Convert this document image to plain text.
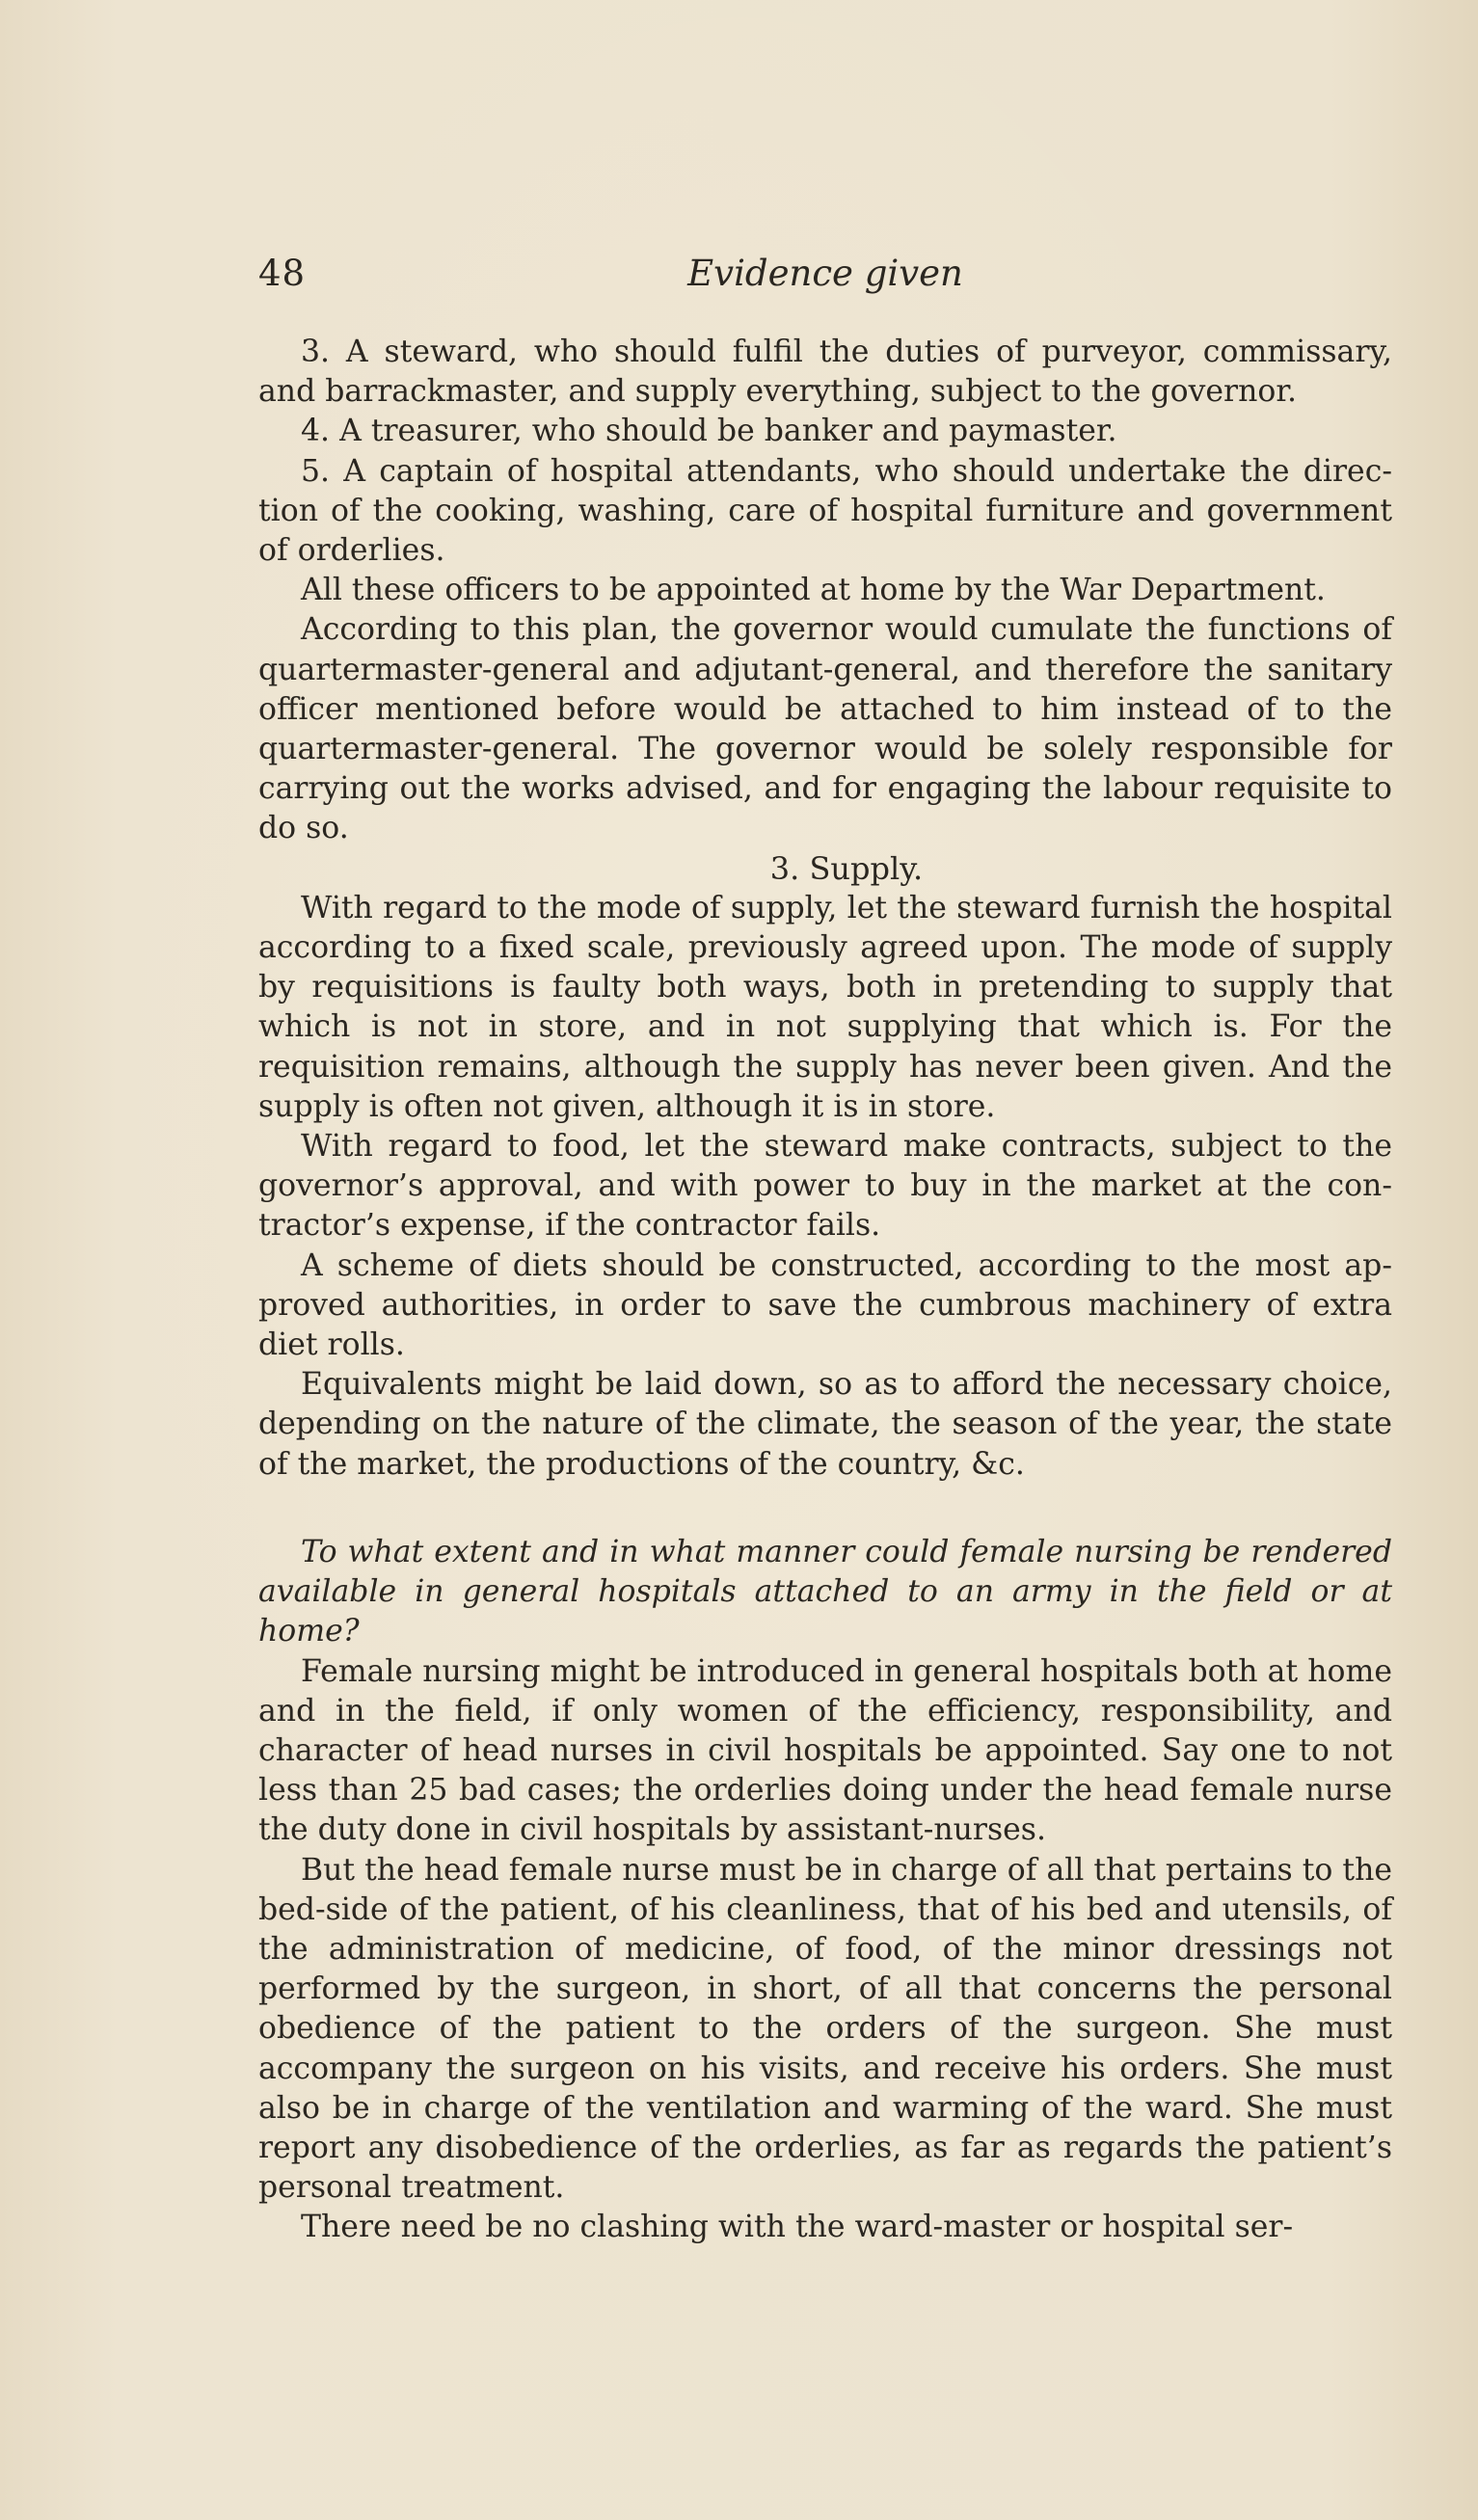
48	Evidence given

3. A steward, who should fulfil the duties of purveyor, commissary, and barrackmaster, and supply everything, subject to the governor.

4. A treasurer, who should be banker and paymaster.

5. A captain of hospital attendants, who should undertake the direction of the cooking, washing, care of hospital furniture and government of orderlies.

All these officers to be appointed at home by the War Department.

According to this plan, the governor would cumulate the functions of quartermaster-general and adjutant-general, and therefore the sanitary officer mentioned before would be attached to him instead of to the quartermaster-general. The governor would be solely responsible for carrying out the works advised, and for engaging the labour requisite to do so.

3. Supply.

With regard to the mode of supply, let the steward furnish the hospital according to a fixed scale, previously agreed upon. The mode of supply by requisitions is faulty both ways, both in pretending to supply that which is not in store, and in not supplying that which is. For the requisition remains, although the supply has never been given. And the supply is often not given, although it is in store.

With regard to food, let the steward make contracts, subject to the governor’s approval, and with power to buy in the market at the contractor’s expense, if the contractor fails.

A scheme of diets should be constructed, according to the most approved authorities, in order to save the cumbrous machinery of extra diet rolls.

Equivalents might be laid down, so as to afford the necessary choice, depending on the nature of the climate, the season of the year, the state of the market, the productions of the country, &c.

To what extent and in what manner could female nursing be rendered available in general hospitals attached to an army in the field or at home?

Female nursing might be introduced in general hospitals both at home and in the field, if only women of the efficiency, responsibility, and character of head nurses in civil hospitals be appointed. Say one to not less than 25 bad cases; the orderlies doing under the head female nurse the duty done in civil hospitals by assistant-nurses.

But the head female nurse must be in charge of all that pertains to the bed-side of the patient, of his cleanliness, that of his bed and utensils, of the administration of medicine, of food, of the minor dressings not performed by the surgeon, in short, of all that concerns the personal obedience of the patient to the orders of the surgeon. She must accompany the surgeon on his visits, and receive his orders. She must also be in charge of the ventilation and warming of the ward. She must report any disobedience of the orderlies, as far as regards the patient’s personal treatment.

There need be no clashing with the ward-master or hospital ser-
